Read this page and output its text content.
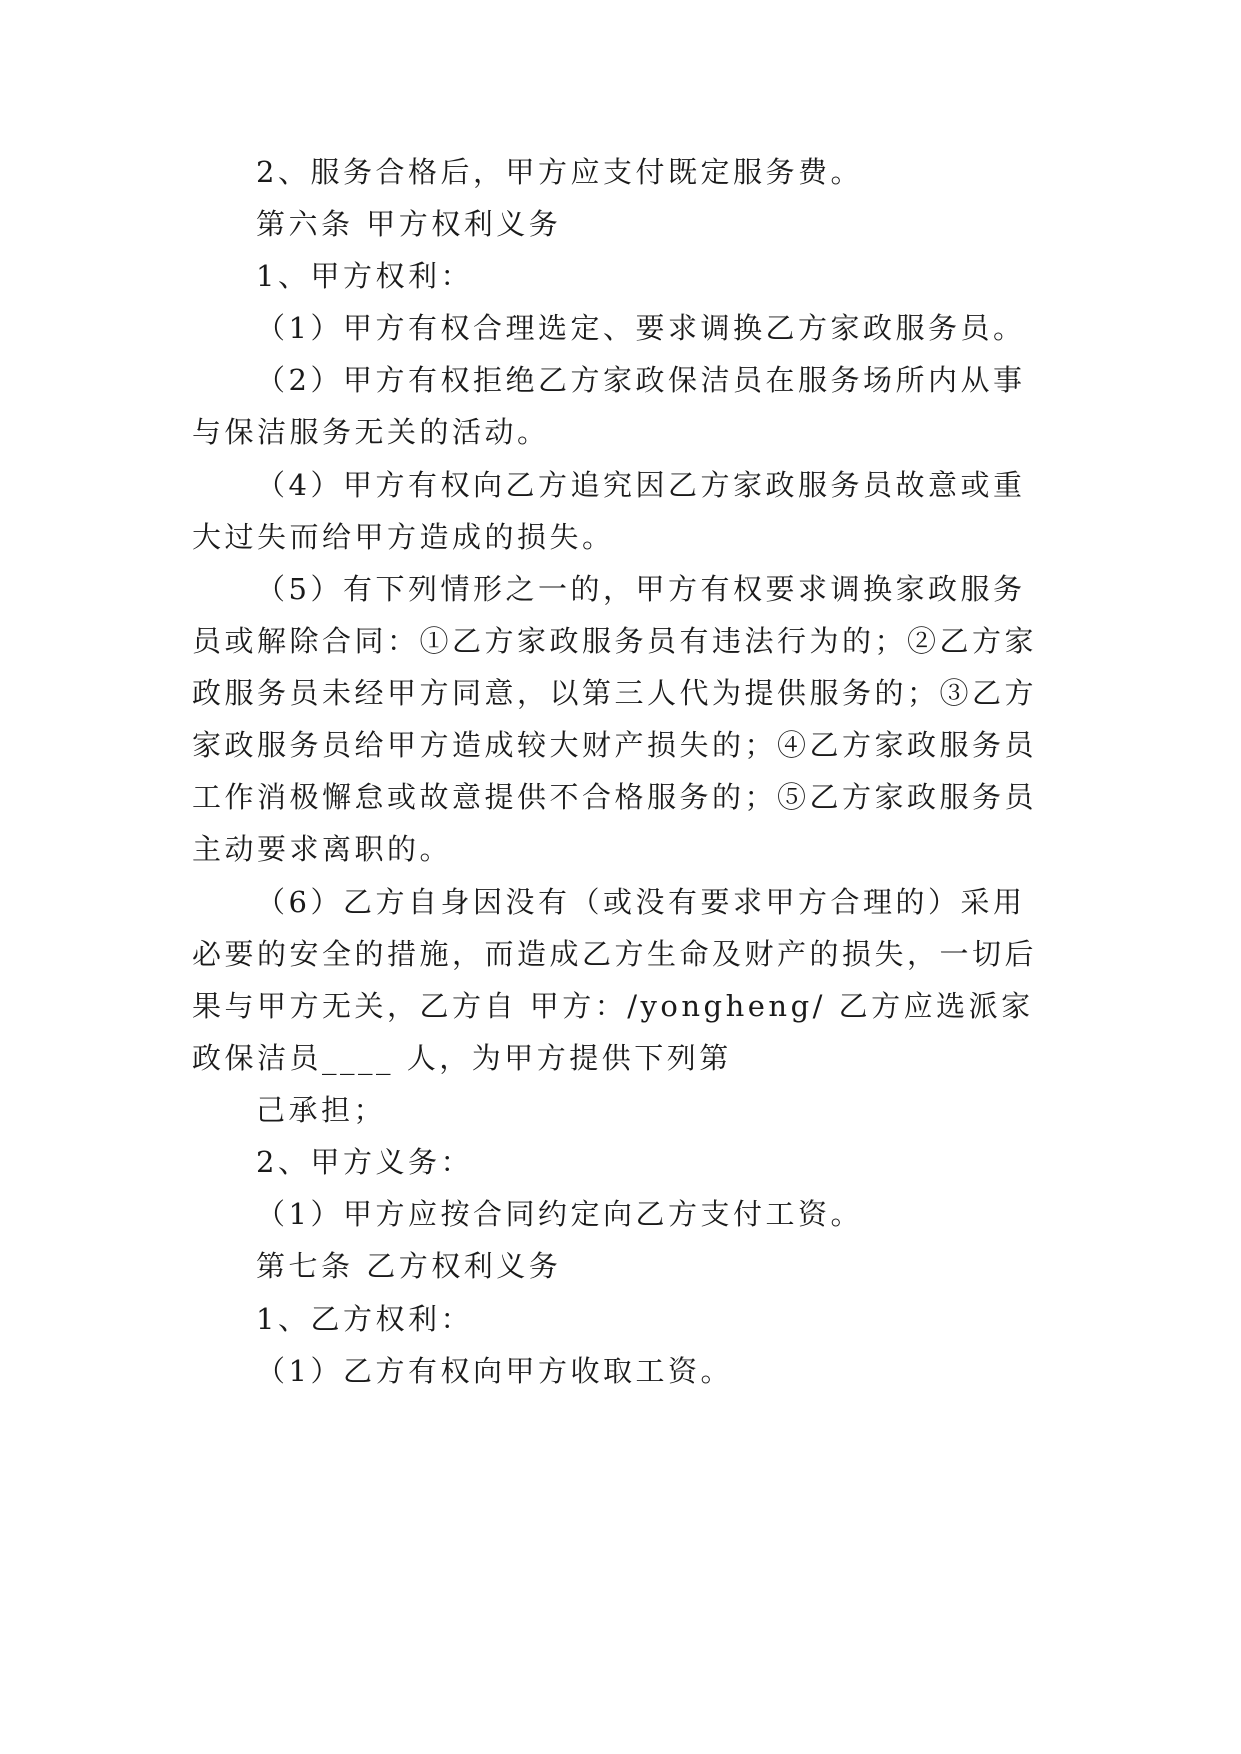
2、服务合格后，甲方应支付既定服务费。
第六条 甲方权利义务
1、甲方权利：
（1）甲方有权合理选定、要求调换乙方家政服务员。
（2）甲方有权拒绝乙方家政保洁员在服务场所内从事
与保洁服务无关的活动。
（4）甲方有权向乙方追究因乙方家政服务员故意或重
大过失而给甲方造成的损失。
（5）有下列情形之一的，甲方有权要求调换家政服务
员或解除合同：①乙方家政服务员有违法行为的；②乙方家
政服务员未经甲方同意，以第三人代为提供服务的；③乙方
家政服务员给甲方造成较大财产损失的；④乙方家政服务员
工作消极懈怠或故意提供不合格服务的；⑤乙方家政服务员
主动要求离职的。
（6）乙方自身因没有（或没有要求甲方合理的）采用
必要的安全的措施，而造成乙方生命及财产的损失，一切后
果与甲方无关，乙方自 甲方：/yongheng/ 乙方应选派家
政保洁员____ 人，为甲方提供下列第
己承担；
2、甲方义务：
（1）甲方应按合同约定向乙方支付工资。
第七条 乙方权利义务
1、乙方权利：
（1）乙方有权向甲方收取工资。
